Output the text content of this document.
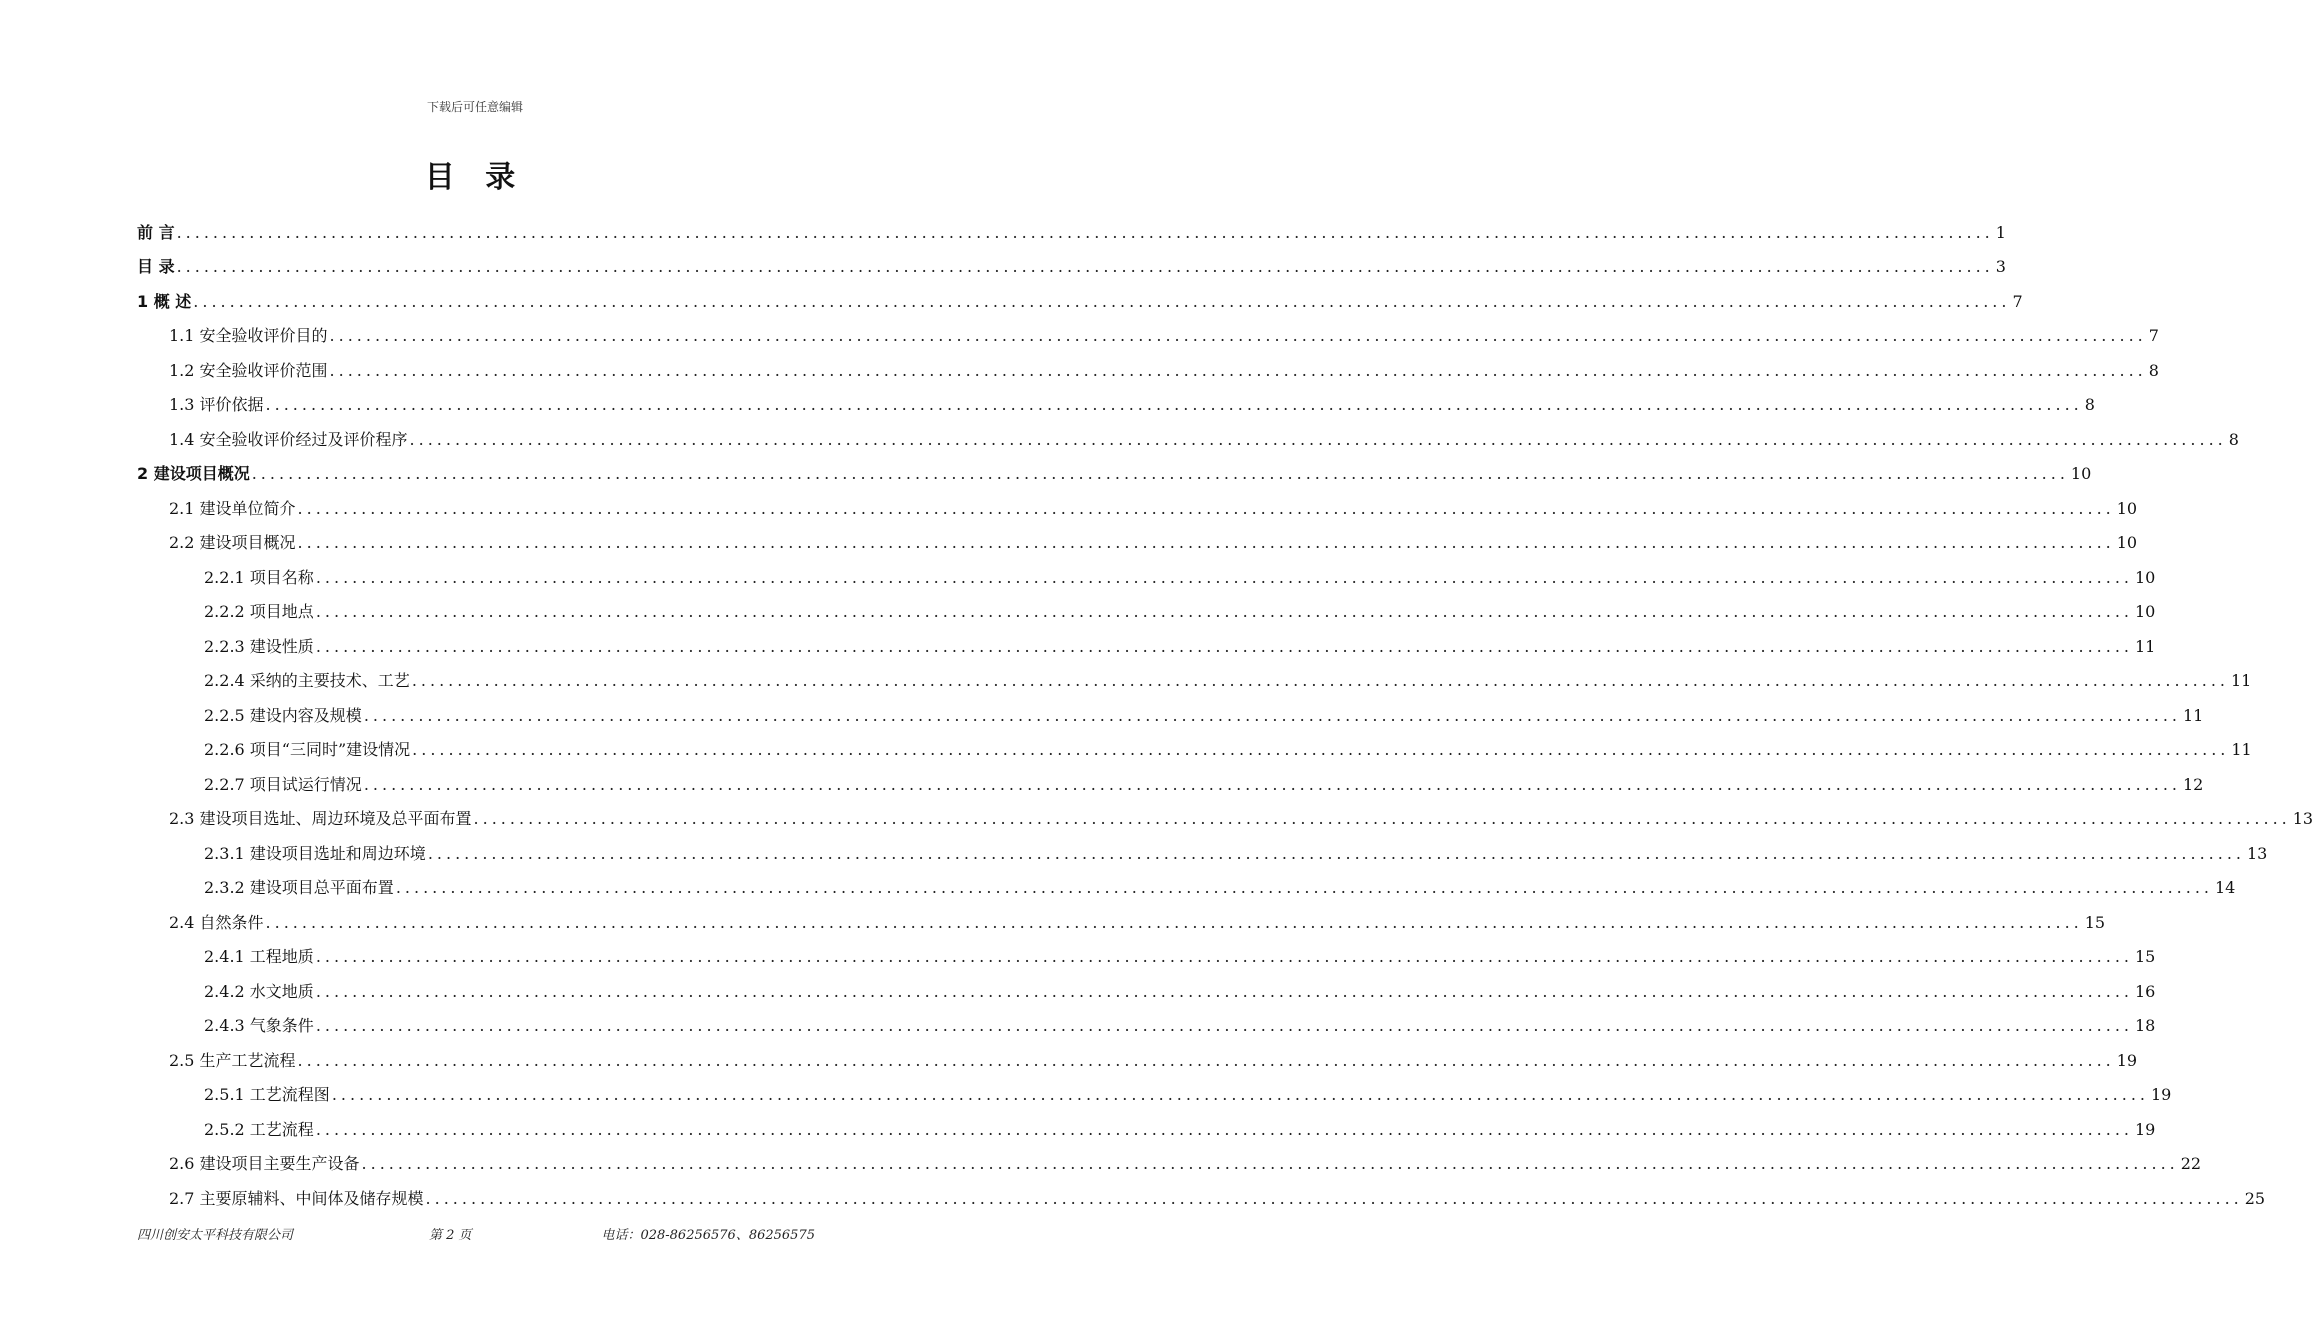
下载后可任意编辑
目 录
前 言 ........................................................................................................................................................................................................ 1
目 录 ........................................................................................................................................................................................................ 3
1 概 述 ........................................................................................................................................................................................................ 7
1.1 安全验收评价目的 ........................................................................................................................................................................................................ 7
1.2 安全验收评价范围 ........................................................................................................................................................................................................ 8
1.3 评价依据 ........................................................................................................................................................................................................ 8
1.4 安全验收评价经过及评价程序 ........................................................................................................................................................................................................ 8
2 建设项目概况 ........................................................................................................................................................................................................ 10
2.1 建设单位简介 ........................................................................................................................................................................................................ 10
2.2 建设项目概况 ........................................................................................................................................................................................................ 10
2.2.1 项目名称 ........................................................................................................................................................................................................ 10
2.2.2 项目地点 ........................................................................................................................................................................................................ 10
2.2.3 建设性质 ........................................................................................................................................................................................................ 11
2.2.4 采纳的主要技术、工艺 ........................................................................................................................................................................................................ 11
2.2.5 建设内容及规模 ........................................................................................................................................................................................................ 11
2.2.6 项目“三同时”建设情况 ........................................................................................................................................................................................................ 11
2.2.7 项目试运行情况 ........................................................................................................................................................................................................ 12
2.3 建设项目选址、周边环境及总平面布置 ........................................................................................................................................................................................................ 13
2.3.1 建设项目选址和周边环境 ........................................................................................................................................................................................................ 13
2.3.2 建设项目总平面布置 ........................................................................................................................................................................................................ 14
2.4 自然条件 ........................................................................................................................................................................................................ 15
2.4.1 工程地质 ........................................................................................................................................................................................................ 15
2.4.2 水文地质 ........................................................................................................................................................................................................ 16
2.4.3 气象条件 ........................................................................................................................................................................................................ 18
2.5 生产工艺流程 ........................................................................................................................................................................................................ 19
2.5.1 工艺流程图 ........................................................................................................................................................................................................ 19
2.5.2 工艺流程 ........................................................................................................................................................................................................ 19
2.6 建设项目主要生产设备 ........................................................................................................................................................................................................ 22
2.7 主要原辅料、中间体及储存规模 ........................................................................................................................................................................................................ 25
四川创安太平科技有限公司	第 2 页	电话：028-86256576、86256575
